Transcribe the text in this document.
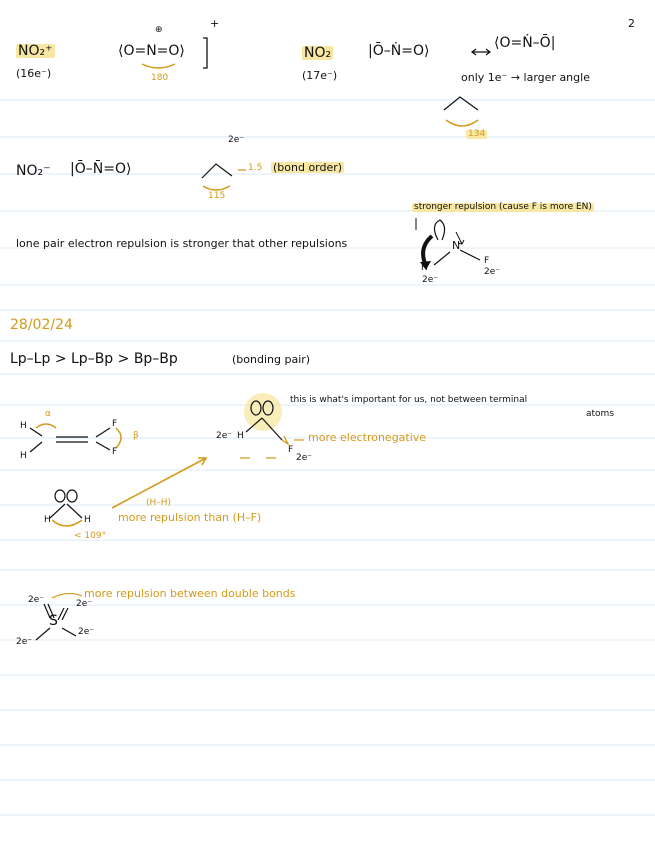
2
NO₂⁺
(16e⁻)
⊕
⟨O=N=O⟩
+
180
NO₂
(17e⁻)
|Ō–Ṅ=O⟩	⟨O=Ṅ–Ō|
only 1e⁻ → larger angle
134
NO₂⁻ |Ō–N̄=O⟩
2e⁻
1.5 (bond order)
115
stronger repulsion (cause F is more EN)
lone pair electron repulsion is stronger that other repulsions	N
H
F
2e⁻
2e⁻
28/02/24
Lp–Lp > Lp–Bp > Bp–Bp	(bonding pair)
α
β
H
H
F
F
this is what's important for us, not between terminal
atoms
more electronegative
2e⁻ H
F
2e⁻
H	H
< 109°
(H–H)
more repulsion than (H–F)
more repulsion between double bonds
S
2e⁻	2e⁻
2e⁻
2e⁻
